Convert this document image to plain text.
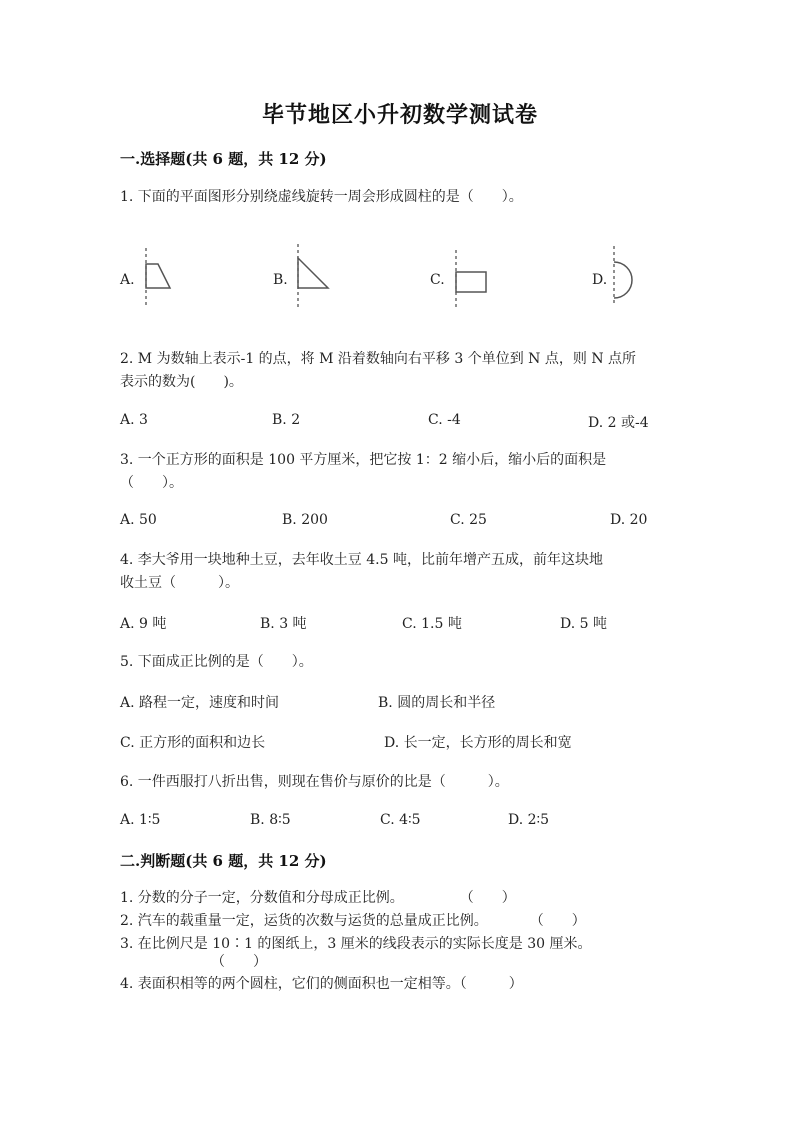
毕节地区小升初数学测试卷
一.选择题(共 6 题，共 12 分)
1. 下面的平面图形分别绕虚线旋转一周会形成圆柱的是（　　）。
A.	B.	C.	D.
2. M 为数轴上表示-1 的点，将 M 沿着数轴向右平移 3 个单位到 N 点，则 N 点所
表示的数为(　　)。
A. 3	B. 2	C. -4	D. 2 或-4
3. 一个正方形的面积是 100 平方厘米，把它按 1：2 缩小后，缩小后的面积是
（　　）。
A. 50	B. 200	C. 25	D. 20
4. 李大爷用一块地种土豆，去年收土豆 4.5 吨，比前年增产五成，前年这块地
收土豆（　　　）。
A. 9 吨	B. 3 吨	C. 1.5 吨	D. 5 吨
5. 下面成正比例的是（　　）。
A. 路程一定，速度和时间	B. 圆的周长和半径
C. 正方形的面积和边长	D. 长一定，长方形的周长和宽
6. 一件西服打八折出售，则现在售价与原价的比是（　　　）。
A. 1∶5	B. 8∶5	C. 4∶5	D. 2∶5
二.判断题(共 6 题，共 12 分)
1. 分数的分子一定，分数值和分母成正比例。　　　　　（　　）
2. 汽车的载重量一定，运货的次数与运货的总量成正比例。　　　　（　　）
3. 在比例尺是 10∶1 的图纸上，3 厘米的线段表示的实际长度是 30 厘米。
　　（　　）
4. 表面积相等的两个圆柱，它们的侧面积也一定相等。（　　　）
